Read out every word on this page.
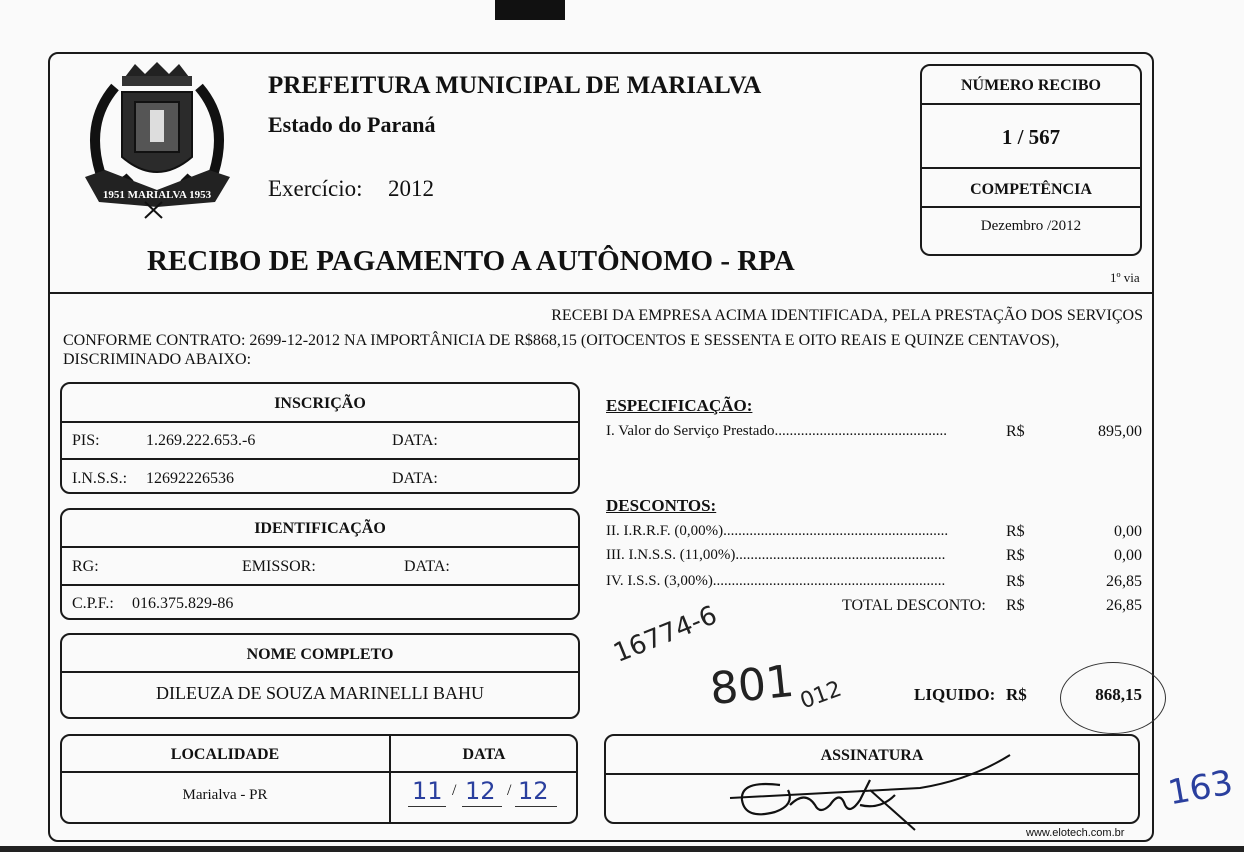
1951 MARIALVA 1953
PREFEITURA MUNICIPAL DE MARIALVA
Estado do Paraná
Exercício: 2012
RECIBO DE PAGAMENTO A AUTÔNOMO - RPA
1º via
NÚMERO RECIBO
1 / 567
COMPETÊNCIA
Dezembro /2012
RECEBI DA EMPRESA ACIMA IDENTIFICADA, PELA PRESTAÇÃO DOS SERVIÇOS
CONFORME CONTRATO: 2699-12-2012 NA IMPORTÂNICIA DE R$868,15 (OITOCENTOS E SESSENTA E OITO REAIS E QUINZE CENTAVOS),
DISCRIMINADO ABAIXO:
INSCRIÇÃO
PIS:	1.269.222.653.-6	DATA:
I.N.S.S.: 12692226536	DATA:
IDENTIFICAÇÃO
RG:	EMISSOR:	DATA:
C.P.F.: 016.375.829-86
NOME COMPLETO
DILEUZA DE SOUZA MARINELLI BAHU
LOCALIDADE
Marialva - PR
DATA
11 / 12 / 12
ESPECIFICAÇÃO:
I. Valor do Serviço Prestado..............................................	R$	895,00
DESCONTOS:
II. I.R.R.F. (0,00%)............................................................	R$	0,00
III. I.N.S.S. (11,00%)........................................................	R$	0,00
IV. I.S.S. (3,00%)..............................................................	R$	26,85
TOTAL DESCONTO: R$	26,85
16774-6
801 012
163
LIQUIDO: R$	868,15
ASSINATURA
www.elotech.com.br
